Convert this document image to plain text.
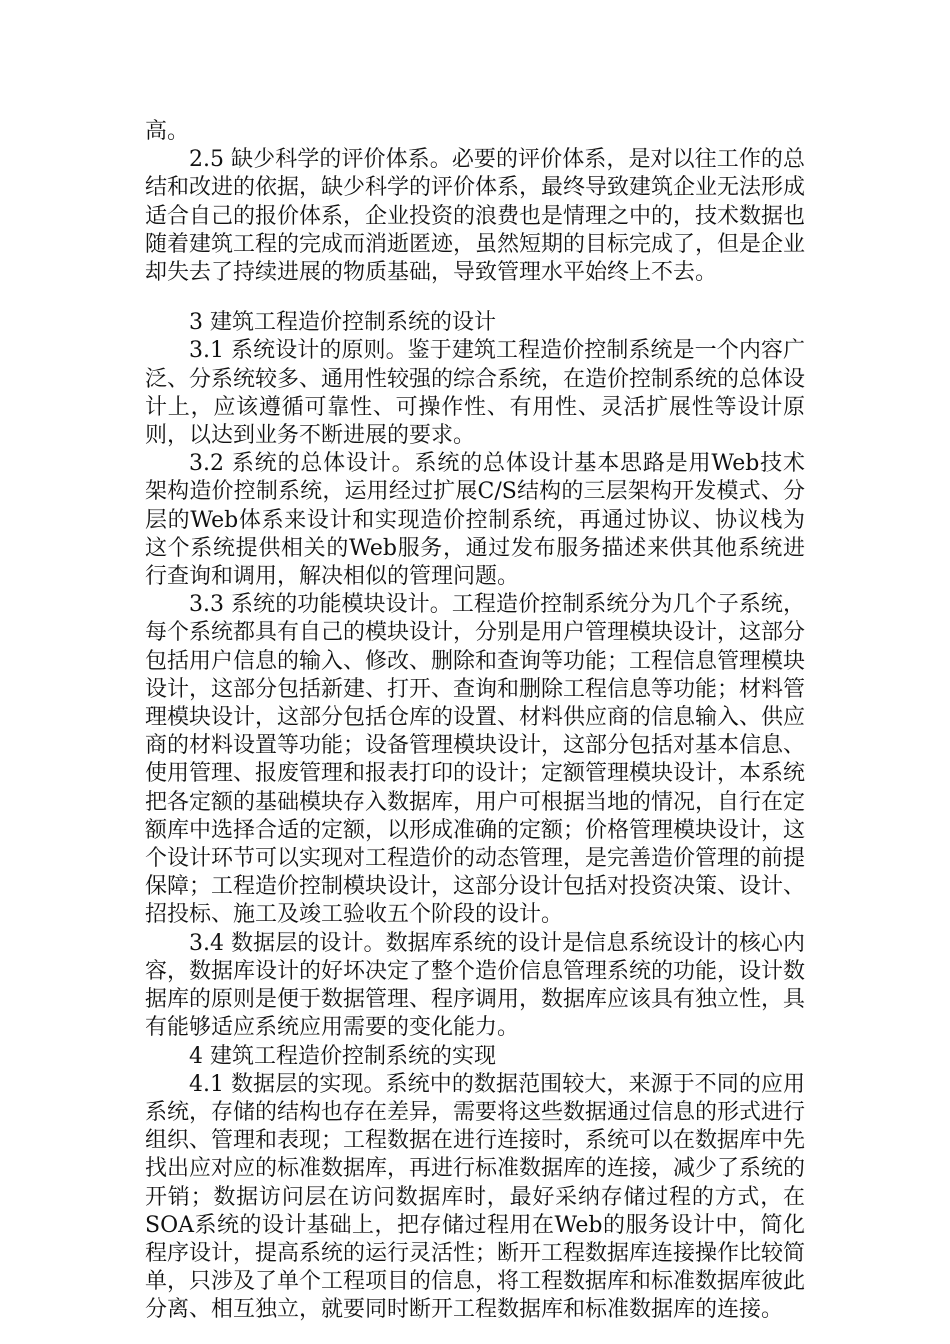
高。

2.5 缺少科学的评价体系。必要的评价体系，是对以往工作的总结和改进的依据，缺少科学的评价体系，最终导致建筑企业无法形成适合自己的报价体系，企业投资的浪费也是情理之中的，技术数据也随着建筑工程的完成而消逝匿迹，虽然短期的目标完成了，但是企业却失去了持续进展的物质基础，导致管理水平始终上不去。

3 建筑工程造价控制系统的设计

3.1 系统设计的原则。鉴于建筑工程造价控制系统是一个内容广泛、分系统较多、通用性较强的综合系统，在造价控制系统的总体设计上，应该遵循可靠性、可操作性、有用性、灵活扩展性等设计原则，以达到业务不断进展的要求。

3.2 系统的总体设计。系统的总体设计基本思路是用Web技术架构造价控制系统，运用经过扩展C/S结构的三层架构开发模式、分层的Web体系来设计和实现造价控制系统，再通过协议、协议栈为这个系统提供相关的Web服务，通过发布服务描述来供其他系统进行查询和调用，解决相似的管理问题。

3.3 系统的功能模块设计。工程造价控制系统分为几个子系统，每个系统都具有自己的模块设计，分别是用户管理模块设计，这部分包括用户信息的输入、修改、删除和查询等功能；工程信息管理模块设计，这部分包括新建、打开、查询和删除工程信息等功能；材料管理模块设计，这部分包括仓库的设置、材料供应商的信息输入、供应商的材料设置等功能；设备管理模块设计，这部分包括对基本信息、使用管理、报废管理和报表打印的设计；定额管理模块设计，本系统把各定额的基础模块存入数据库，用户可根据当地的情况，自行在定额库中选择合适的定额，以形成准确的定额；价格管理模块设计，这个设计环节可以实现对工程造价的动态管理，是完善造价管理的前提保障；工程造价控制模块设计，这部分设计包括对投资决策、设计、招投标、施工及竣工验收五个阶段的设计。

3.4 数据层的设计。数据库系统的设计是信息系统设计的核心内容，数据库设计的好坏决定了整个造价信息管理系统的功能，设计数据库的原则是便于数据管理、程序调用，数据库应该具有独立性，具有能够适应系统应用需要的变化能力。

4 建筑工程造价控制系统的实现

4.1 数据层的实现。系统中的数据范围较大，来源于不同的应用系统，存储的结构也存在差异，需要将这些数据通过信息的形式进行组织、管理和表现；工程数据在进行连接时，系统可以在数据库中先找出应对应的标准数据库，再进行标准数据库的连接，减少了系统的开销；数据访问层在访问数据库时，最好采纳存储过程的方式，在SOA系统的设计基础上，把存储过程用在Web的服务设计中，简化程序设计，提高系统的运行灵活性；断开工程数据库连接操作比较简单，只涉及了单个工程项目的信息，将工程数据库和标准数据库彼此分离、相互独立，就要同时断开工程数据库和标准数据库的连接。
